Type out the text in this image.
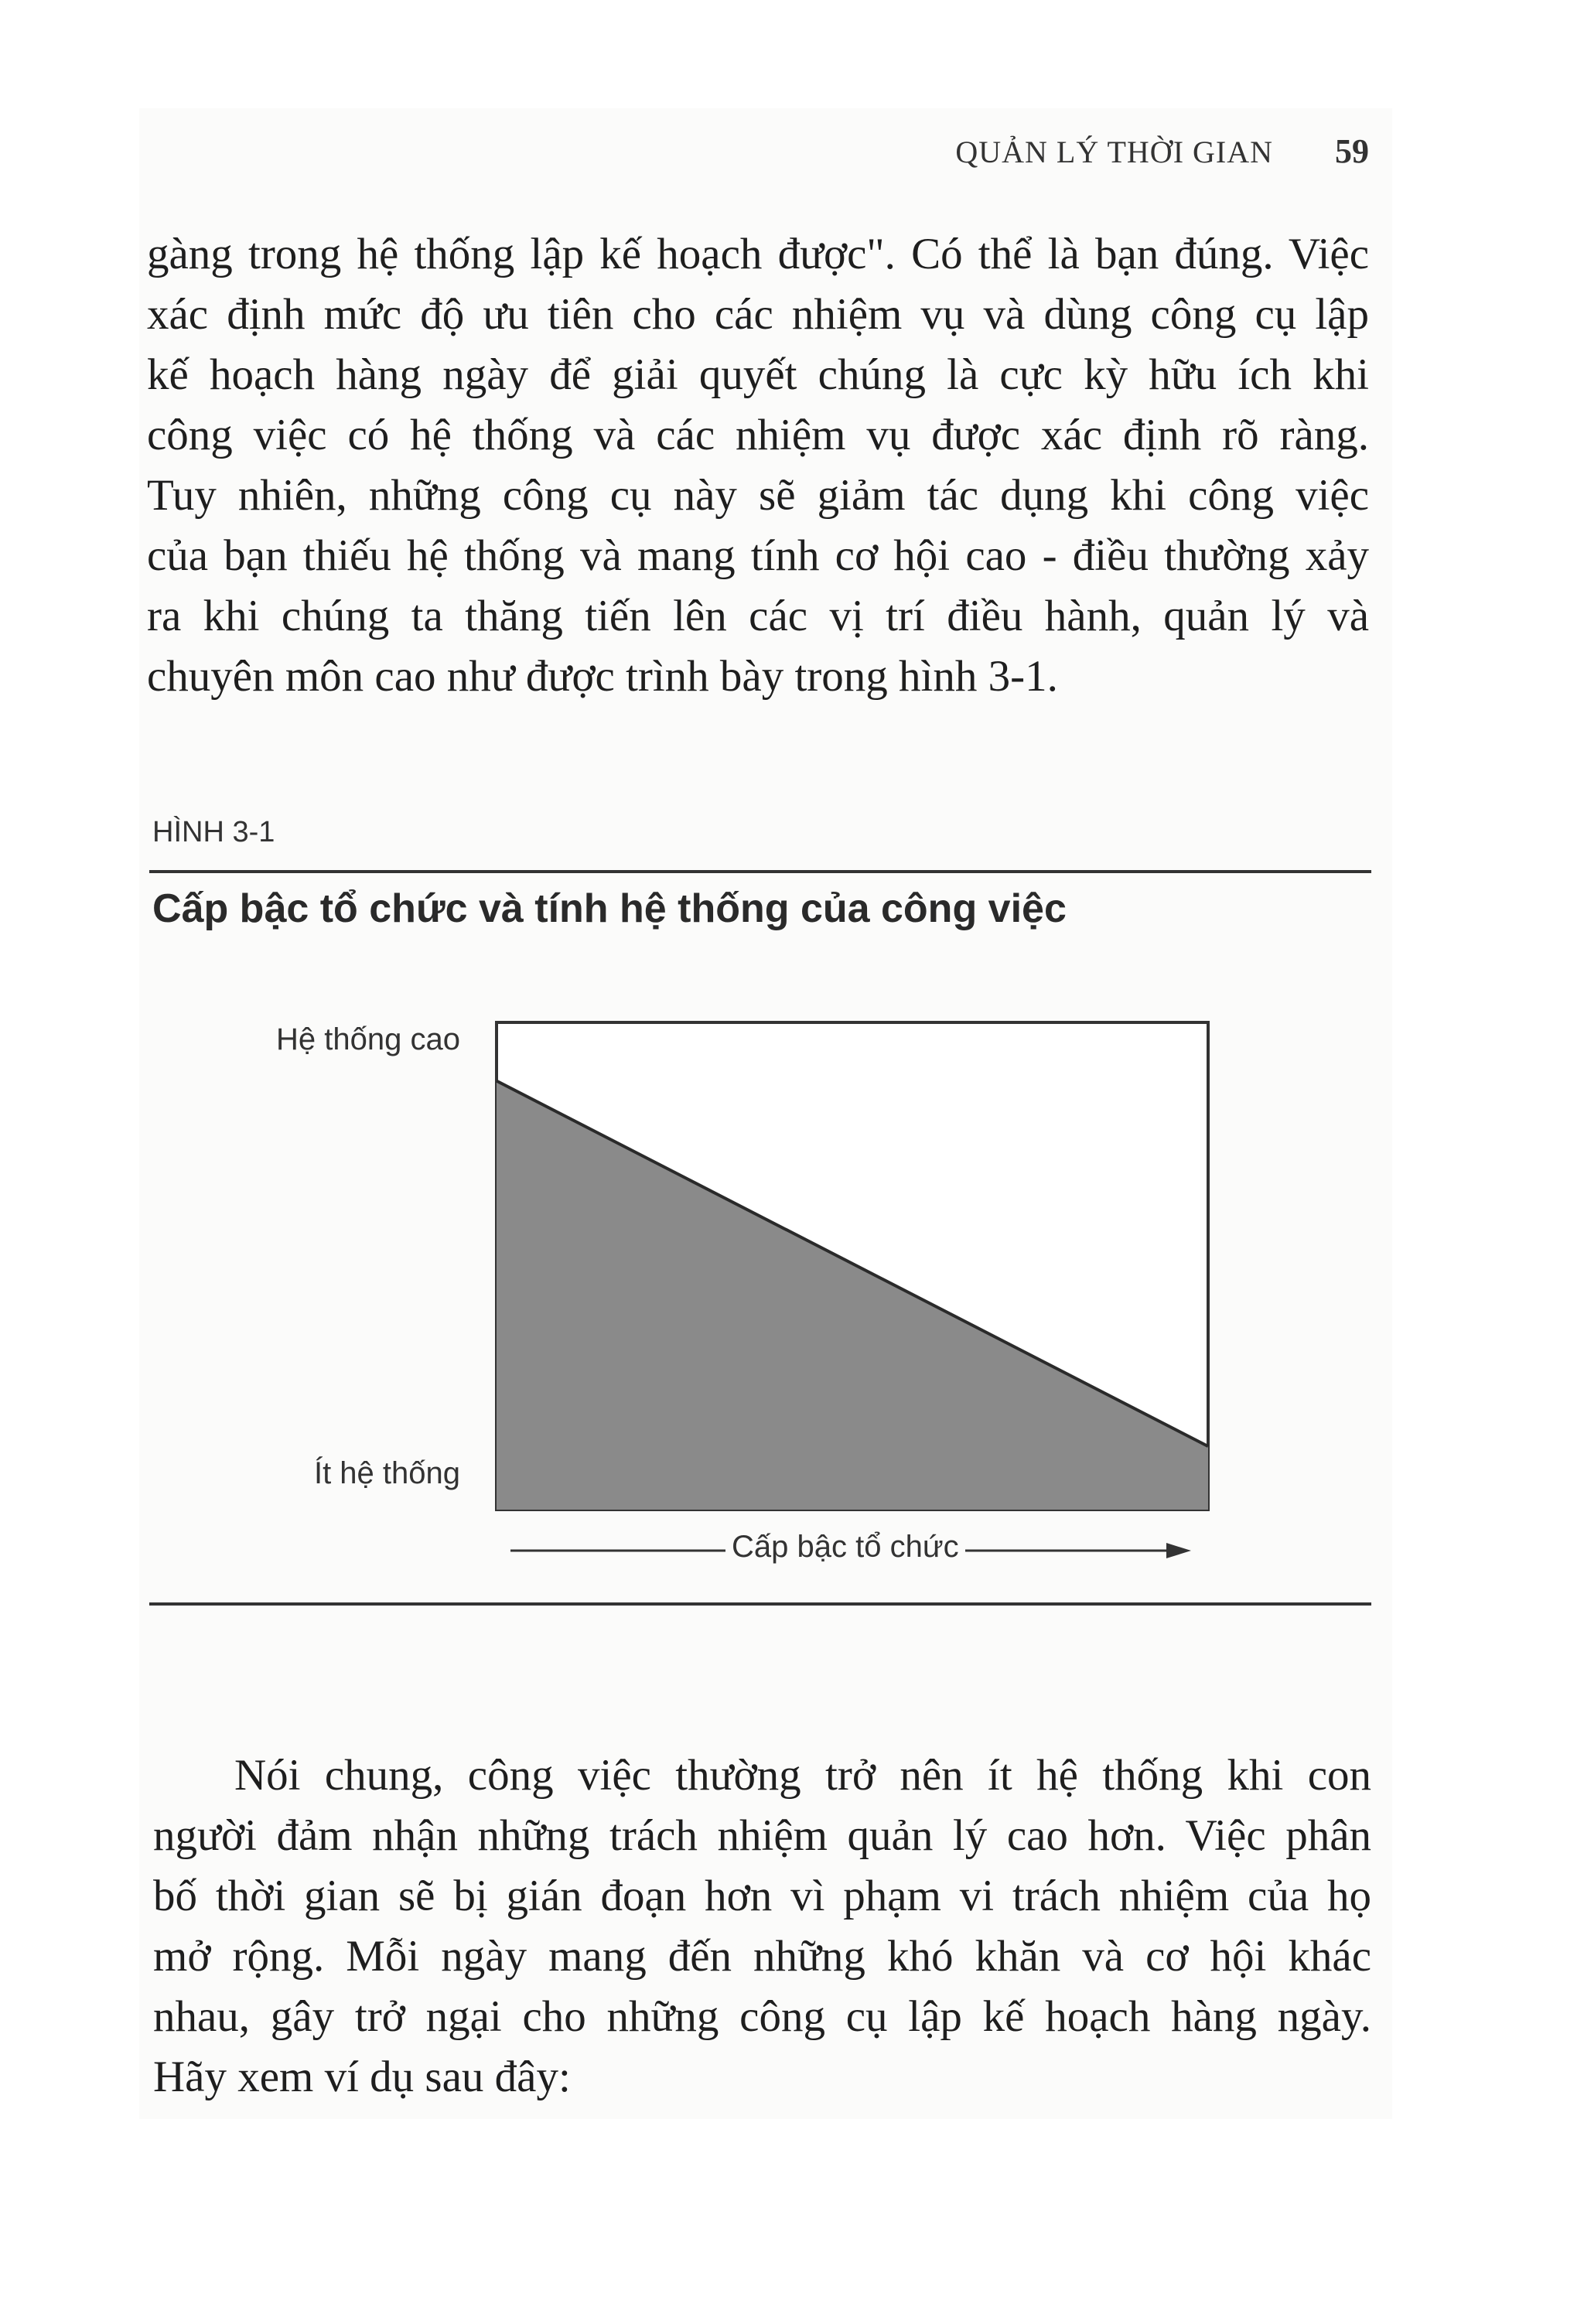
QUẢN LÝ THỜI GIAN 59
gàng trong hệ thống lập kế hoạch được". Có thể là bạn đúng. Việc
xác định mức độ ưu tiên cho các nhiệm vụ và dùng công cụ lập
kế hoạch hàng ngày để giải quyết chúng là cực kỳ hữu ích khi
công việc có hệ thống và các nhiệm vụ được xác định rõ ràng.
Tuy nhiên, những công cụ này sẽ giảm tác dụng khi công việc
của bạn thiếu hệ thống và mang tính cơ hội cao - điều thường xảy
ra khi chúng ta thăng tiến lên các vị trí điều hành, quản lý và
chuyên môn cao như được trình bày trong hình 3-1.
HÌNH 3-1
Cấp bậc tổ chức và tính hệ thống của công việc
Hệ thống cao
Ít hệ thống
Cấp bậc tổ chức
Nói chung, công việc thường trở nên ít hệ thống khi con
người đảm nhận những trách nhiệm quản lý cao hơn. Việc phân
bố thời gian sẽ bị gián đoạn hơn vì phạm vi trách nhiệm của họ
mở rộng. Mỗi ngày mang đến những khó khăn và cơ hội khác
nhau, gây trở ngại cho những công cụ lập kế hoạch hàng ngày.
Hãy xem ví dụ sau đây:
